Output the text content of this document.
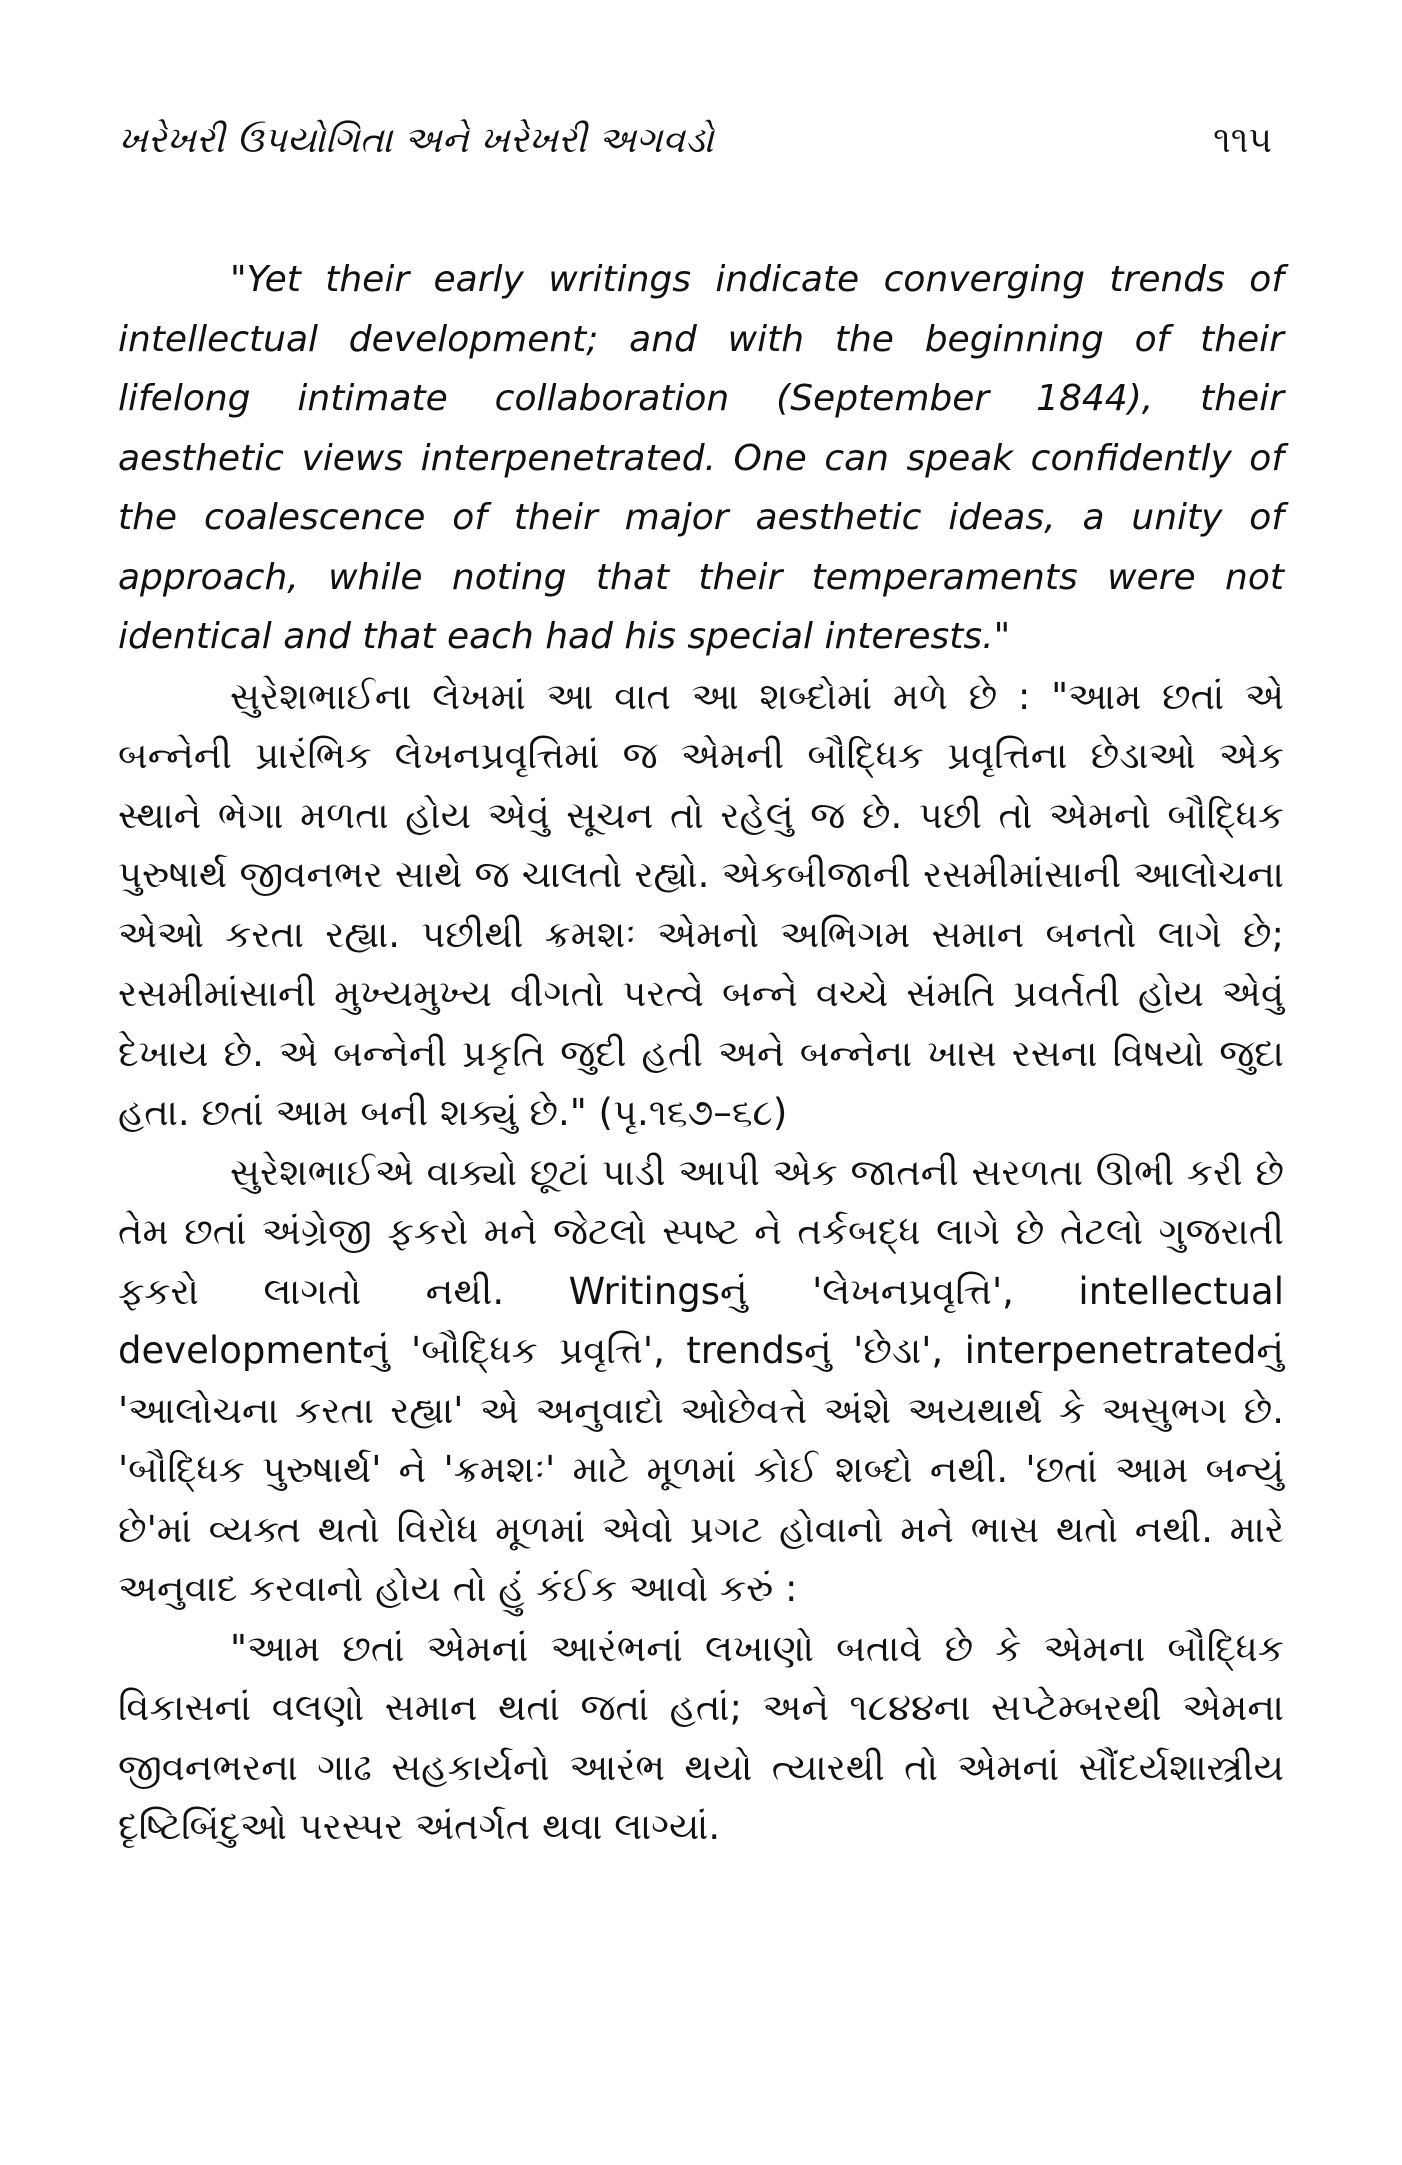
ખરેખરી ઉપયોગિતા અને ખરેખરી અગવડો	૧૧૫

"Yet their early writings indicate converging trends of intellectual development; and with the beginning of their lifelong intimate collaboration (September 1844), their aesthetic views interpenetrated. One can speak confidently of the coalescence of their major aesthetic ideas, a unity of approach, while noting that their temperaments were not identical and that each had his special interests."

સુરેશભાઈના લેખમાં આ વાત આ શબ્દોમાં મળે છે : "આમ છતાં એ બન્નેની પ્રારંભિક લેખનપ્રવૃત્તિમાં જ એમની બૌદ્ધિક પ્રવૃત્તિના છેડાઓ એક સ્થાને ભેગા મળતા હોય એવું સૂચન તો રહેલું જ છે. પછી તો એમનો બૌદ્ધિક પુરુષાર્થ જીવનભર સાથે જ ચાલતો રહ્યો. એકબીજાની રસમીમાંસાની આલોચના એઓ કરતા રહ્યા. પછીથી ક્રમશઃ એમનો અભિગમ સમાન બનતો લાગે છે; રસમીમાંસાની મુખ્યમુખ્ય વીગતો પરત્વે બન્ને વચ્ચે સંમતિ પ્રવર્તતી હોય એવું દેખાય છે. એ બન્નેની પ્રકૃતિ જુદી હતી અને બન્નેના ખાસ રસના વિષયો જુદા હતા. છતાં આમ બની શક્યું છે." (પૃ.૧૬૭–૬૮)

સુરેશભાઈએ વાક્યો છૂટાં પાડી આપી એક જાતની સરળતા ઊભી કરી છે તેમ છતાં અંગ્રેજી ફકરો મને જેટલો સ્પષ્ટ ને તર્કબદ્ધ લાગે છે તેટલો ગુજરાતી ફકરો લાગતો નથી. Writingsનું 'લેખનપ્રવૃત્તિ', intellectual developmentનું 'બૌદ્ધિક પ્રવૃત્તિ', trendsનું 'છેડા', interpenetratedનું 'આલોચના કરતા રહ્યા' એ અનુવાદો ઓછેવત્તે અંશે અયથાર્થ કે અસુભગ છે. 'બૌદ્ધિક પુરુષાર્થ' ને 'ક્રમશઃ' માટે મૂળમાં કોઈ શબ્દો નથી. 'છતાં આમ બન્યું છે'માં વ્યક્ત થતો વિરોધ મૂળમાં એવો પ્રગટ હોવાનો મને ભાસ થતો નથી. મારે અનુવાદ કરવાનો હોય તો હું કંઈક આવો કરું :

"આમ છતાં એમનાં આરંભનાં લખાણો બતાવે છે કે એમના બૌદ્ધિક વિકાસનાં વલણો સમાન થતાં જતાં હતાં; અને ૧૮૪૪ના સપ્ટેમ્બરથી એમના જીવનભરના ગાઢ સહકાર્યનો આરંભ થયો ત્યારથી તો એમનાં સૌંદર્યશાસ્ત્રીય દૃષ્ટિબિંદુઓ પરસ્પર અંતર્ગત થવા લાગ્યાં.
